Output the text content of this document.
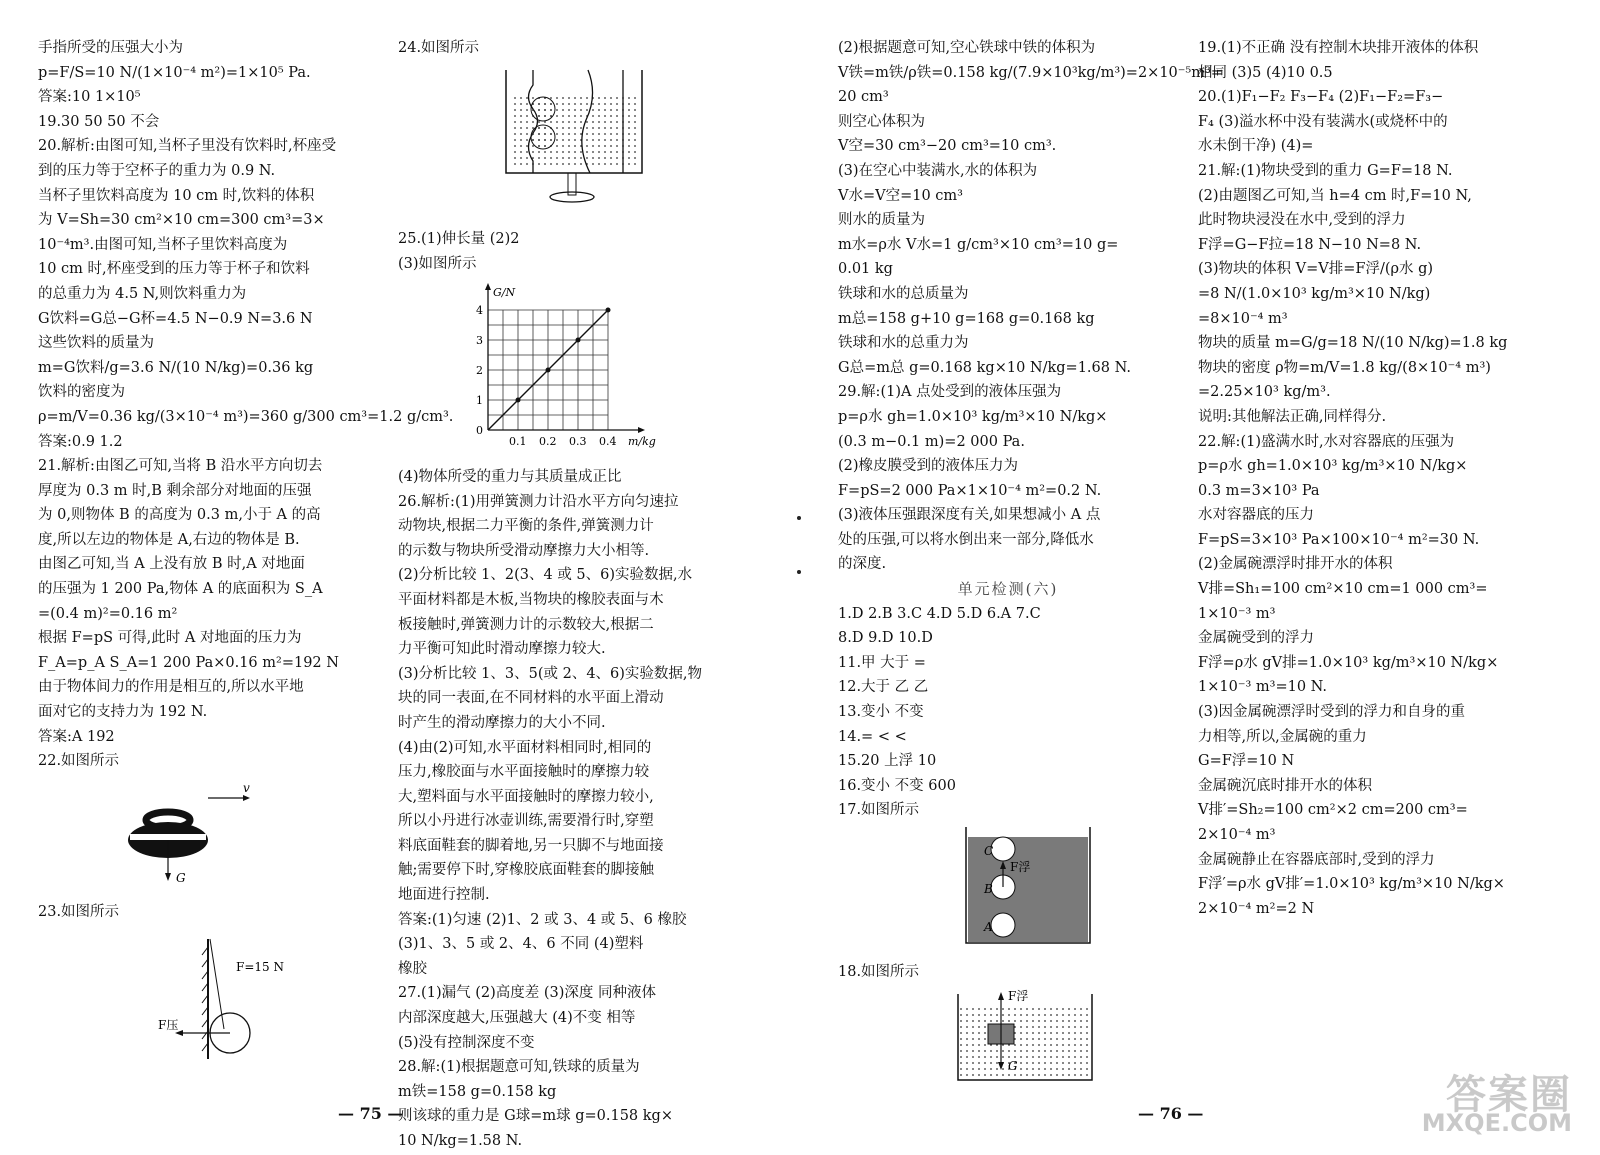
手指所受的压强大小为
p=F/S=10 N/(1×10⁻⁴ m²)=1×10⁵ Pa.
答案:10 1×10⁵
19.30 50 50 不会
20.解析:由图可知,当杯子里没有饮料时,杯座受
到的压力等于空杯子的重力为 0.9 N.
当杯子里饮料高度为 10 cm 时,饮料的体积
为 V=Sh=30 cm²×10 cm=300 cm³=3×
10⁻⁴m³.由图可知,当杯子里饮料高度为
10 cm 时,杯座受到的压力等于杯子和饮料
的总重力为 4.5 N,则饮料重力为
G饮料=G总−G杯=4.5 N−0.9 N=3.6 N
这些饮料的质量为
m=G饮料/g=3.6 N/(10 N/kg)=0.36 kg
饮料的密度为
ρ=m/V=0.36 kg/(3×10⁻⁴ m³)=360 g/300 cm³=1.2 g/cm³.
答案:0.9 1.2
21.解析:由图乙可知,当将 B 沿水平方向切去
厚度为 0.3 m 时,B 剩余部分对地面的压强
为 0,则物体 B 的高度为 0.3 m,小于 A 的高
度,所以左边的物体是 A,右边的物体是 B.
由图乙可知,当 A 上没有放 B 时,A 对地面
的压强为 1 200 Pa,物体 A 的底面积为 S_A
=(0.4 m)²=0.16 m²
根据 F=pS 可得,此时 A 对地面的压力为
F_A=p_A S_A=1 200 Pa×0.16 m²=192 N
由于物体间力的作用是相互的,所以水平地
面对它的支持力为 192 N.
答案:A 192
22.如图所示
v
G
23.如图所示
F压
F=15 N
24.如图所示
25.(1)伸长量 (2)2
(3)如图所示
0
1
2
3
4
0.1 0.2 0.3 0.4
G/N
m/kg
(4)物体所受的重力与其质量成正比
26.解析:(1)用弹簧测力计沿水平方向匀速拉
动物块,根据二力平衡的条件,弹簧测力计
的示数与物块所受滑动摩擦力大小相等.
(2)分析比较 1、2(3、4 或 5、6)实验数据,水
平面材料都是木板,当物块的橡胶表面与木
板接触时,弹簧测力计的示数较大,根据二
力平衡可知此时滑动摩擦力较大.
(3)分析比较 1、3、5(或 2、4、6)实验数据,物
块的同一表面,在不同材料的水平面上滑动
时产生的滑动摩擦力的大小不同.
(4)由(2)可知,水平面材料相同时,相同的
压力,橡胶面与水平面接触时的摩擦力较
大,塑料面与水平面接触时的摩擦力较小,
所以小丹进行冰壶训练,需要滑行时,穿塑
料底面鞋套的脚着地,另一只脚不与地面接
触;需要停下时,穿橡胶底面鞋套的脚接触
地面进行控制.
答案:(1)匀速 (2)1、2 或 3、4 或 5、6 橡胶
(3)1、3、5 或 2、4、6 不同 (4)塑料
橡胶
27.(1)漏气 (2)高度差 (3)深度 同种液体
内部深度越大,压强越大 (4)不变 相等
(5)没有控制深度不变
28.解:(1)根据题意可知,铁球的质量为
m铁=158 g=0.158 kg
则该球的重力是 G球=m球 g=0.158 kg×
10 N/kg=1.58 N.
(2)根据题意可知,空心铁球中铁的体积为
V铁=m铁/ρ铁=0.158 kg/(7.9×10³kg/m³)=2×10⁻⁵m³=
20 cm³
则空心体积为
V空=30 cm³−20 cm³=10 cm³.
(3)在空心中装满水,水的体积为
V水=V空=10 cm³
则水的质量为
m水=ρ水 V水=1 g/cm³×10 cm³=10 g=
0.01 kg
铁球和水的总质量为
m总=158 g+10 g=168 g=0.168 kg
铁球和水的总重力为
G总=m总 g=0.168 kg×10 N/kg=1.68 N.
29.解:(1)A 点处受到的液体压强为
p=ρ水 gh=1.0×10³ kg/m³×10 N/kg×
(0.3 m−0.1 m)=2 000 Pa.
(2)橡皮膜受到的液体压力为
F=pS=2 000 Pa×1×10⁻⁴ m²=0.2 N.
(3)液体压强跟深度有关,如果想减小 A 点
处的压强,可以将水倒出来一部分,降低水
的深度.
单元检测(六)
1.D 2.B 3.C 4.D 5.D 6.A 7.C
8.D 9.D 10.D
11.甲 大于 =
12.大于 乙 乙
13.变小 不变
14.= < <
15.20 上浮 10
16.变小 不变 600
17.如图所示
C
B
A
F浮
18.如图所示
F浮
G
19.(1)不正确 没有控制木块排开液体的体积
相同 (3)5 (4)10 0.5
20.(1)F₁−F₂ F₃−F₄ (2)F₁−F₂=F₃−
F₄ (3)溢水杯中没有装满水(或烧杯中的
水未倒干净) (4)=
21.解:(1)物块受到的重力 G=F=18 N.
(2)由题图乙可知,当 h=4 cm 时,F=10 N,
此时物块浸没在水中,受到的浮力
F浮=G−F拉=18 N−10 N=8 N.
(3)物块的体积 V=V排=F浮/(ρ水 g)
=8 N/(1.0×10³ kg/m³×10 N/kg)
=8×10⁻⁴ m³
物块的质量 m=G/g=18 N/(10 N/kg)=1.8 kg
物块的密度 ρ物=m/V=1.8 kg/(8×10⁻⁴ m³)
=2.25×10³ kg/m³.
说明:其他解法正确,同样得分.
22.解:(1)盛满水时,水对容器底的压强为
p=ρ水 gh=1.0×10³ kg/m³×10 N/kg×
0.3 m=3×10³ Pa
水对容器底的压力
F=pS=3×10³ Pa×100×10⁻⁴ m²=30 N.
(2)金属碗漂浮时排开水的体积
V排=Sh₁=100 cm²×10 cm=1 000 cm³=
1×10⁻³ m³
金属碗受到的浮力
F浮=ρ水 gV排=1.0×10³ kg/m³×10 N/kg×
1×10⁻³ m³=10 N.
(3)因金属碗漂浮时受到的浮力和自身的重
力相等,所以,金属碗的重力
G=F浮=10 N
金属碗沉底时排开水的体积
V排′=Sh₂=100 cm²×2 cm=200 cm³=
2×10⁻⁴ m³
金属碗静止在容器底部时,受到的浮力
F浮′=ρ水 gV排′=1.0×10³ kg/m³×10 N/kg×
2×10⁻⁴ m²=2 N
— 75 —	— 76 —	答案圈
MXQE.COM
